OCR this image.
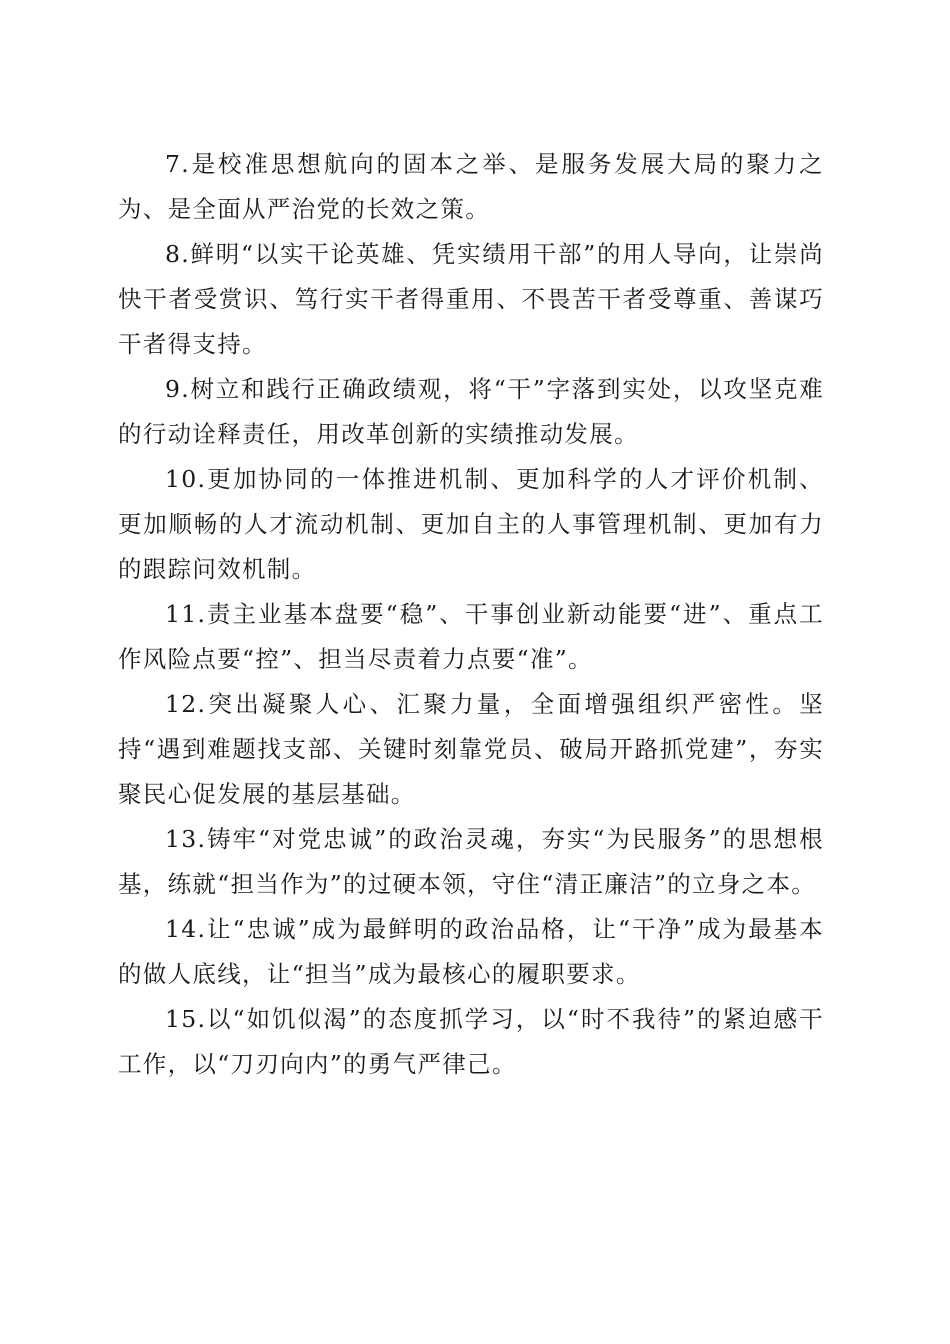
7.是校准思想航向的固本之举、是服务发展大局的聚力之为、是全面从严治党的长效之策。

8.鲜明“以实干论英雄、凭实绩用干部”的用人导向，让崇尚快干者受赏识、笃行实干者得重用、不畏苦干者受尊重、善谋巧干者得支持。

9.树立和践行正确政绩观，将“干”字落到实处，以攻坚克难的行动诠释责任，用改革创新的实绩推动发展。

10.更加协同的一体推进机制、更加科学的人才评价机制、更加顺畅的人才流动机制、更加自主的人事管理机制、更加有力的跟踪问效机制。

11.责主业基本盘要“稳”、干事创业新动能要“进”、重点工作风险点要“控”、担当尽责着力点要“准”。

12.突出凝聚人心、汇聚力量，全面增强组织严密性。坚持“遇到难题找支部、关键时刻靠党员、破局开路抓党建”，夯实聚民心促发展的基层基础。

13.铸牢“对党忠诚”的政治灵魂，夯实“为民服务”的思想根基，练就“担当作为”的过硬本领，守住“清正廉洁”的立身之本。

14.让“忠诚”成为最鲜明的政治品格，让“干净”成为最基本的做人底线，让“担当”成为最核心的履职要求。

15.以“如饥似渴”的态度抓学习，以“时不我待”的紧迫感干工作，以“刀刃向内”的勇气严律己。
